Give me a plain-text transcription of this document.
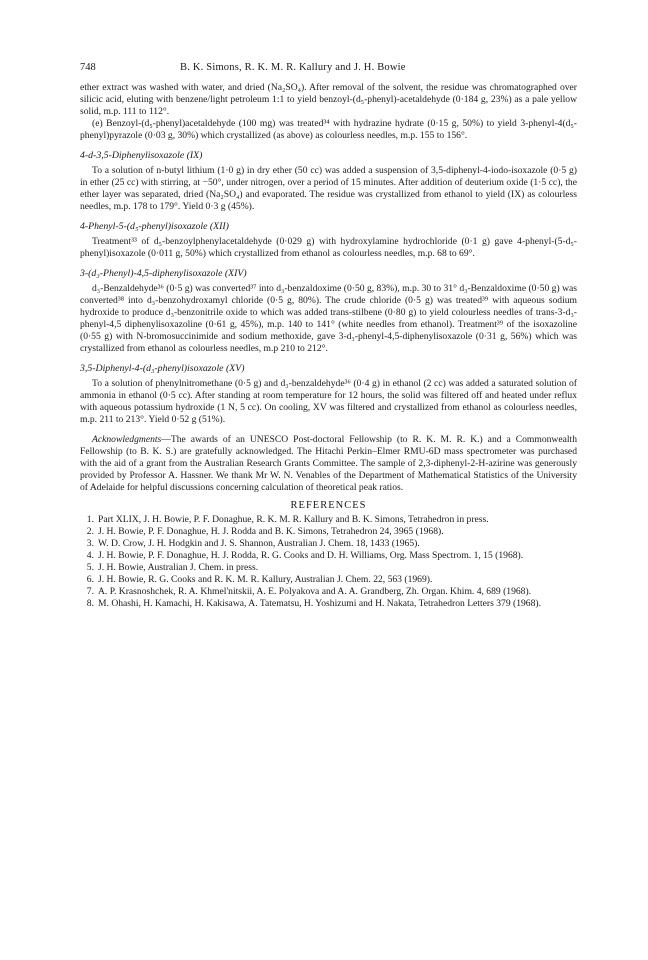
748	B. K. Simons, R. K. M. R. Kallury and J. H. Bowie

ether extract was washed with water, and dried (Na₂SO₄). After removal of the solvent, the residue was chromatographed over silicic acid, eluting with benzene/light petroleum 1:1 to yield benzoyl-(d₅-phenyl)-acetaldehyde (0·184 g, 23%) as a pale yellow solid, m.p. 111 to 112°.

(e) Benzoyl-(d₅-phenyl)acetaldehyde (100 mg) was treated³⁴ with hydrazine hydrate (0·15 g, 50%) to yield 3-phenyl-4(d₅-phenyl)pyrazole (0·03 g, 30%) which crystallized (as above) as colourless needles, m.p. 155 to 156°.

4-d-3,5-Diphenylisoxazole (IX)

To a solution of n-butyl lithium (1·0 g) in dry ether (50 cc) was added a suspension of 3,5-diphenyl-4-iodo-isoxazole (0·5 g) in ether (25 cc) with stirring, at −50°, under nitrogen, over a period of 15 minutes. After addition of deuterium oxide (1·5 cc), the ether layer was separated, dried (Na₂SO₄) and evaporated. The residue was crystallized from ethanol to yield (IX) as colourless needles, m.p. 178 to 179°. Yield 0·3 g (45%).

4-Phenyl-5-(d₅-phenyl)isoxazole (XII)

Treatment³³ of d₅-benzoylphenylacetaldehyde (0·029 g) with hydroxylamine hydrochloride (0·1 g) gave 4-phenyl-(5-d₅-phenyl)isoxazole (0·011 g, 50%) which crystallized from ethanol as colourless needles, m.p. 68 to 69°.

3-(d₃-Phenyl)-4,5-diphenylisoxazole (XIV)

d₃-Benzaldehyde³⁶ (0·5 g) was converted³⁷ into d₃-benzaldoxime (0·50 g, 83%), m.p. 30 to 31° d₃-Benzaldoxime (0·50 g) was converted³⁸ into d₃-benzohydroxamyl chloride (0·5 g, 80%). The crude chloride (0·5 g) was treated³⁹ with aqueous sodium hydroxide to produce d₃-benzonitrile oxide to which was added trans-stilbene (0·80 g) to yield colourless needles of trans-3-d₃-phenyl-4,5 diphenylisoxazoline (0·61 g, 45%), m.p. 140 to 141° (white needles from ethanol). Treatment³⁹ of the isoxazoline (0·55 g) with N-bromosuccinimide and sodium methoxide, gave 3-d₃-phenyl-4,5-diphenylisoxazole (0·31 g, 56%) which was crystallized from ethanol as colourless needles, m.p 210 to 212°.

3,5-Diphenyl-4-(d₃-phenyl)isoxazole (XV)

To a solution of phenylnitromethane (0·5 g) and d₃-benzaldehyde³⁶ (0·4 g) in ethanol (2 cc) was added a saturated solution of ammonia in ethanol (0·5 cc). After standing at room temperature for 12 hours, the solid was filtered off and heated under reflux with aqueous potassium hydroxide (1 N, 5 cc). On cooling, XV was filtered and crystallized from ethanol as colourless needles, m.p. 211 to 213°. Yield 0·52 g (51%).

Acknowledgments—The awards of an UNESCO Post-doctoral Fellowship (to R. K. M. R. K.) and a Commonwealth Fellowship (to B. K. S.) are gratefully acknowledged. The Hitachi Perkin–Elmer RMU-6D mass spectrometer was purchased with the aid of a grant from the Australian Research Grants Committee. The sample of 2,3-diphenyl-2-H-azirine was generously provided by Professor A. Hassner. We thank Mr W. N. Venables of the Department of Mathematical Statistics of the University of Adelaide for helpful discussions concerning calculation of theoretical peak ratios.

REFERENCES
1. Part XLIX, J. H. Bowie, P. F. Donaghue, R. K. M. R. Kallury and B. K. Simons, Tetrahedron in press.
2. J. H. Bowie, P. F. Donaghue, H. J. Rodda and B. K. Simons, Tetrahedron 24, 3965 (1968).
3. W. D. Crow, J. H. Hodgkin and J. S. Shannon, Australian J. Chem. 18, 1433 (1965).
4. J. H. Bowie, P. F. Donaghue, H. J. Rodda, R. G. Cooks and D. H. Williams, Org. Mass Spectrom. 1, 15 (1968).
5. J. H. Bowie, Australian J. Chem. in press.
6. J. H. Bowie, R. G. Cooks and R. K. M. R. Kallury, Australian J. Chem. 22, 563 (1969).
7. A. P. Krasnoshchek, R. A. Khmel'nitskii, A. E. Polyakova and A. A. Grandberg, Zh. Organ. Khim. 4, 689 (1968).
8. M. Ohashi, H. Kamachi, H. Kakisawa, A. Tatematsu, H. Yoshizumi and H. Nakata, Tetrahedron Letters 379 (1968).
